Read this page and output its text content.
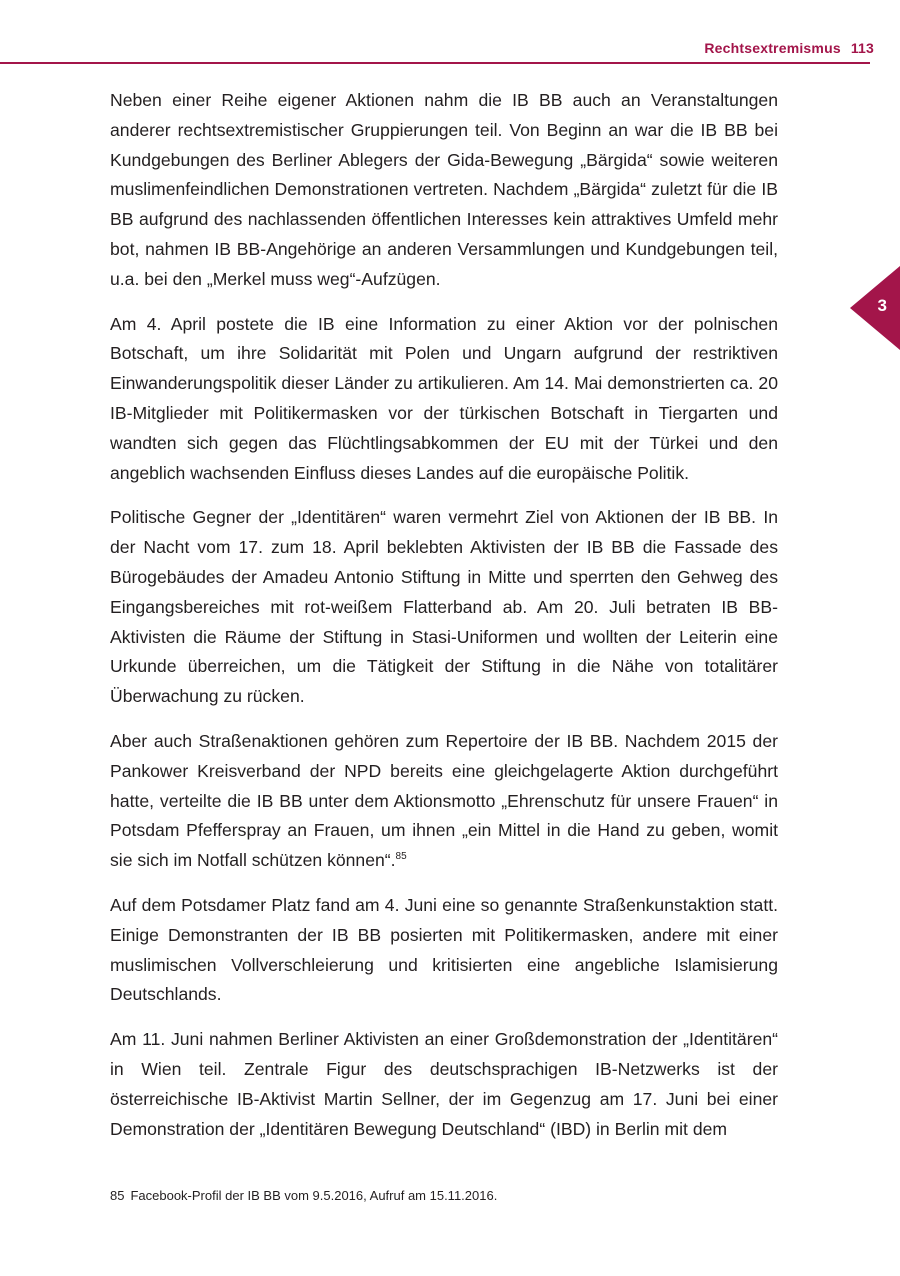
Rechtsextremismus 113
3

Neben einer Reihe eigener Aktionen nahm die IB BB auch an Veranstaltungen anderer rechtsextremistischer Gruppierungen teil. Von Beginn an war die IB BB bei Kundgebungen des Berliner Ablegers der Gida-Bewegung „Bärgida“ sowie weiteren muslimenfeindlichen Demonstrationen vertreten. Nachdem „Bärgida“ zuletzt für die IB BB aufgrund des nachlassenden öffentlichen Interesses kein attraktives Umfeld mehr bot, nahmen IB BB-Angehörige an anderen Versammlungen und Kundgebungen teil, u.a. bei den „Merkel muss weg“-Aufzügen.

Am 4. April postete die IB eine Information zu einer Aktion vor der polnischen Botschaft, um ihre Solidarität mit Polen und Ungarn aufgrund der restriktiven Einwanderungspolitik dieser Länder zu artikulieren. Am 14. Mai demonstrierten ca. 20 IB-Mitglieder mit Politikermasken vor der türkischen Botschaft in Tiergarten und wandten sich gegen das Flüchtlingsabkommen der EU mit der Türkei und den angeblich wachsenden Einfluss dieses Landes auf die europäische Politik.

Politische Gegner der „Identitären“ waren vermehrt Ziel von Aktionen der IB BB. In der Nacht vom 17. zum 18. April beklebten Aktivisten der IB BB die Fassade des Bürogebäudes der Amadeu Antonio Stiftung in Mitte und sperrten den Gehweg des Eingangsbereiches mit rot-weißem Flatterband ab. Am 20. Juli betraten IB BB-Aktivisten die Räume der Stiftung in Stasi-Uniformen und wollten der Leiterin eine Urkunde überreichen, um die Tätigkeit der Stiftung in die Nähe von totalitärer Überwachung zu rücken.

Aber auch Straßenaktionen gehören zum Repertoire der IB BB. Nachdem 2015 der Pankower Kreisverband der NPD bereits eine gleichgelagerte Aktion durchgeführt hatte, verteilte die IB BB unter dem Aktionsmotto „Ehrenschutz für unsere Frauen“ in Potsdam Pfefferspray an Frauen, um ihnen „ein Mittel in die Hand zu geben, womit sie sich im Notfall schützen können“.$^{85}$

Auf dem Potsdamer Platz fand am 4. Juni eine so genannte Straßenkunstaktion statt. Einige Demonstranten der IB BB posierten mit Politikermasken, andere mit einer muslimischen Vollverschleierung und kritisierten eine angebliche Islamisierung Deutschlands.

Am 11. Juni nahmen Berliner Aktivisten an einer Großdemonstration der „Identitären“ in Wien teil. Zentrale Figur des deutschsprachigen IB-Netzwerks ist der österreichische IB-Aktivist Martin Sellner, der im Gegenzug am 17. Juni bei einer Demonstration der „Identitären Bewegung Deutschland“ (IBD) in Berlin mit dem

85 Facebook-Profil der IB BB vom 9.5.2016, Aufruf am 15.11.2016.
